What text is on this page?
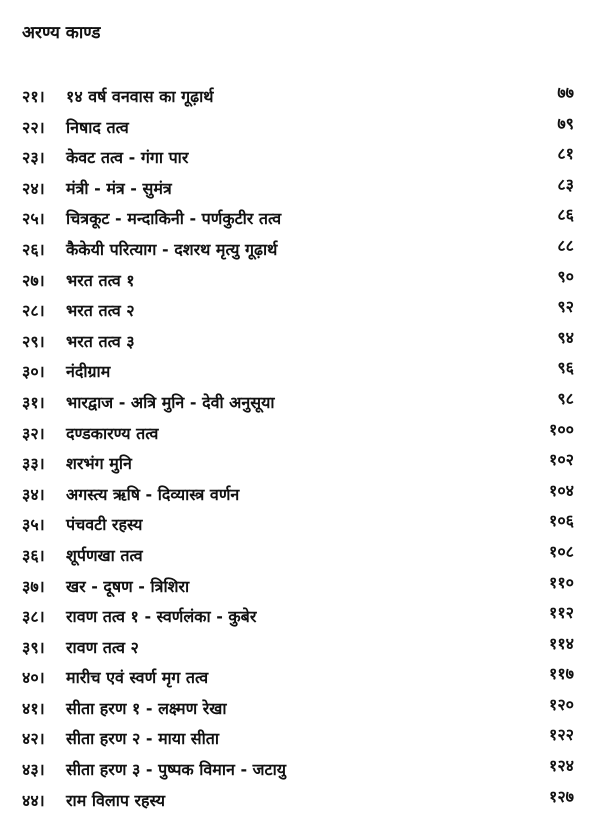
अरण्य काण्ड
२१। १४ वर्ष वनवास का गूढ़ार्थ	७७
२२। निषाद तत्व	७९
२३। केवट तत्व - गंगा पार	८१
२४। मंत्री - मंत्र - सुमंत्र	८३
२५। चित्रकूट - मन्दाकिनी - पर्णकुटीर तत्व	८६
२६। कैकेयी परित्याग - दशरथ मृत्यु गूढ़ार्थ	८८
२७। भरत तत्व १	९०
२८। भरत तत्व २	९२
२९। भरत तत्व ३	९४
३०। नंदीग्राम	९६
३१। भारद्वाज - अत्रि मुनि - देवी अनुसूया	९८
३२। दण्डकारण्य तत्व	१००
३३। शरभंग मुनि	१०२
३४। अगस्त्य ऋषि - दिव्यास्त्र वर्णन	१०४
३५। पंचवटी रहस्य	१०६
३६। शूर्पणखा तत्व	१०८
३७। खर - दूषण - त्रिशिरा	११०
३८। रावण तत्व १ - स्वर्णलंका - कुबेर	११२
३९। रावण तत्व २	११४
४०। मारीच एवं स्वर्ण मृग तत्व	११७
४१। सीता हरण १ - लक्ष्मण रेखा	१२०
४२। सीता हरण २ - माया सीता	१२२
४३। सीता हरण ३ - पुष्पक विमान - जटायु	१२४
४४। राम विलाप रहस्य	१२७
